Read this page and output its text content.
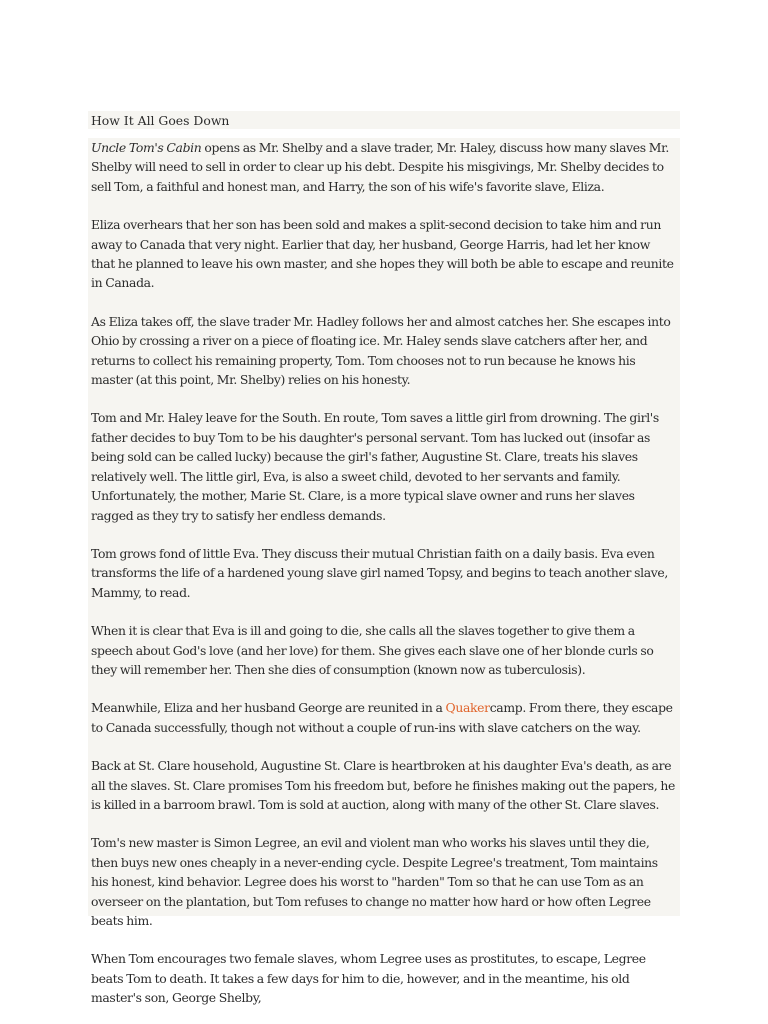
How It All Goes Down

Uncle Tom's Cabin opens as Mr. Shelby and a slave trader, Mr. Haley, discuss how many slaves Mr. Shelby will need to sell in order to clear up his debt. Despite his misgivings, Mr. Shelby decides to sell Tom, a faithful and honest man, and Harry, the son of his wife's favorite slave, Eliza.

Eliza overhears that her son has been sold and makes a split-second decision to take him and run away to Canada that very night. Earlier that day, her husband, George Harris, had let her know that he planned to leave his own master, and she hopes they will both be able to escape and reunite in Canada.

As Eliza takes off, the slave trader Mr. Hadley follows her and almost catches her. She escapes into Ohio by crossing a river on a piece of floating ice. Mr. Haley sends slave catchers after her, and returns to collect his remaining property, Tom. Tom chooses not to run because he knows his master (at this point, Mr. Shelby) relies on his honesty.

Tom and Mr. Haley leave for the South. En route, Tom saves a little girl from drowning. The girl's father decides to buy Tom to be his daughter's personal servant. Tom has lucked out (insofar as being sold can be called lucky) because the girl's father, Augustine St. Clare, treats his slaves relatively well. The little girl, Eva, is also a sweet child, devoted to her servants and family. Unfortunately, the mother, Marie St. Clare, is a more typical slave owner and runs her slaves ragged as they try to satisfy her endless demands.

Tom grows fond of little Eva. They discuss their mutual Christian faith on a daily basis. Eva even transforms the life of a hardened young slave girl named Topsy, and begins to teach another slave, Mammy, to read.

When it is clear that Eva is ill and going to die, she calls all the slaves together to give them a speech about God's love (and her love) for them. She gives each slave one of her blonde curls so they will remember her. Then she dies of consumption (known now as tuberculosis).

Meanwhile, Eliza and her husband George are reunited in a Quakercamp. From there, they escape to Canada successfully, though not without a couple of run-ins with slave catchers on the way.

Back at St. Clare household, Augustine St. Clare is heartbroken at his daughter Eva's death, as are all the slaves. St. Clare promises Tom his freedom but, before he finishes making out the papers, he is killed in a barroom brawl. Tom is sold at auction, along with many of the other St. Clare slaves.

Tom's new master is Simon Legree, an evil and violent man who works his slaves until they die, then buys new ones cheaply in a never-ending cycle. Despite Legree's treatment, Tom maintains his honest, kind behavior. Legree does his worst to "harden" Tom so that he can use Tom as an overseer on the plantation, but Tom refuses to change no matter how hard or how often Legree beats him.

When Tom encourages two female slaves, whom Legree uses as prostitutes, to escape, Legree beats Tom to death. It takes a few days for him to die, however, and in the meantime, his old master's son, George Shelby,
